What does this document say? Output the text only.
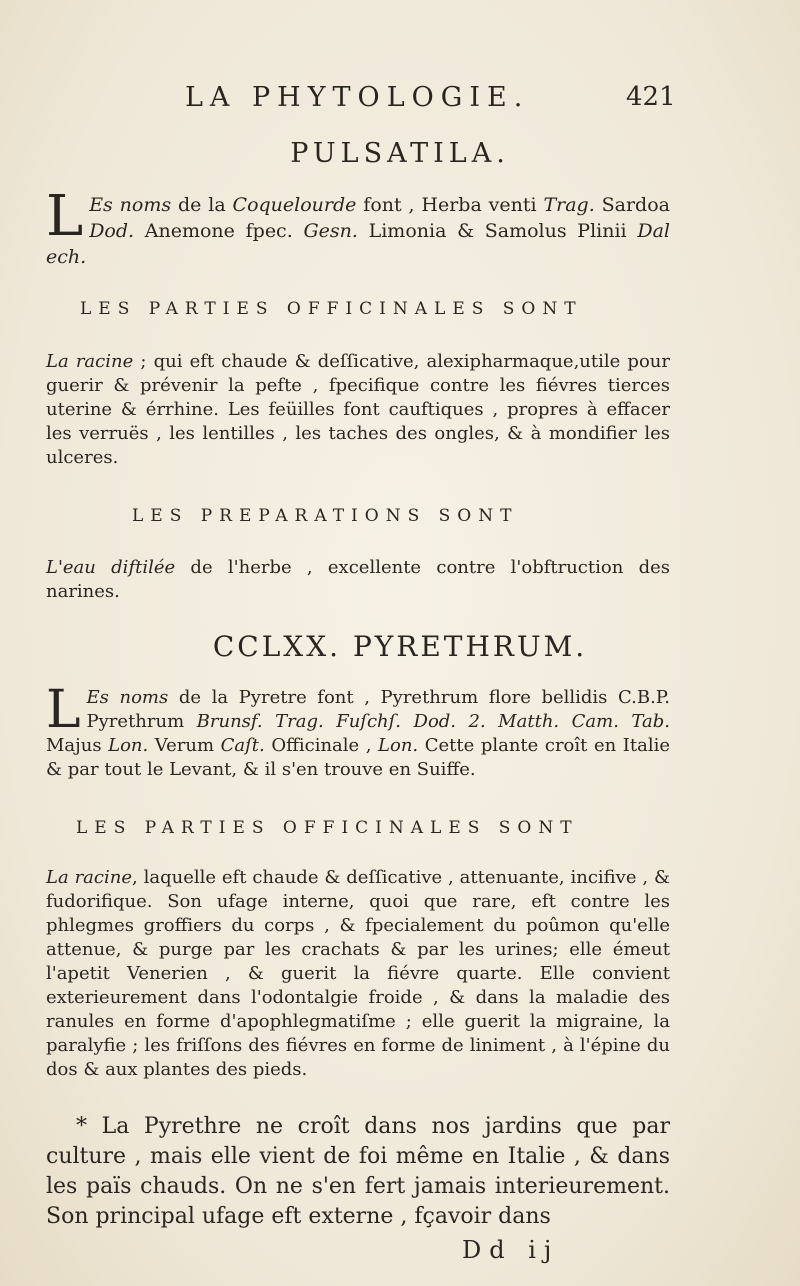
LA PHYTOLOGIE.	421
PULSATILA.
L Es noms de la Coquelourde font , Herba venti Trag. Sardoa Dod. Anemone fpec. Gesn. Limonia & Samolus Plinii Dal ech.
LES PARTIES OFFICINALES SONT
La racine ; qui eft chaude & deſſicative, alexipharmaque,utile pour guerir & prévenir la pefte , fpecifique contre les fiévres tierces uterine & érrhine. Les feüilles font cauftiques , propres à effacer les verruës , les lentilles , les taches des ongles, & à mondifier les ulceres.
LES PREPARATIONS SONT
L'eau diftilée de l'herbe , excellente contre l'obftruction des narines.
CCLXX. PYRETHRUM.
L Es noms de la Pyretre font , Pyrethrum flore bellidis C.B.P. Pyrethrum Brunsf. Trag. Fuſchſ. Dod. 2. Matth. Cam. Tab. Majus Lon. Verum Caſt. Officinale , Lon. Cette plante croît en Italie & par tout le Levant, & il s'en trouve en Suiffe.
LES PARTIES OFFICINALES SONT
La racine, laquelle eft chaude & deſſicative , attenuante, incifive , & fudorifique. Son ufage interne, quoi que rare, eft contre les phlegmes groffiers du corps , & fpecialement du poûmon qu'elle attenue, & purge par les crachats & par les urines; elle émeut l'apetit Venerien , & guerit la fiévre quarte. Elle convient exterieurement dans l'odontalgie froide , & dans la maladie des ranules en forme d'apophlegmatiſme ; elle guerit la migraine, la paralyfie ; les friſſons des fiévres en forme de liniment , à l'épine du dos & aux plantes des pieds.
* La Pyrethre ne croît dans nos jardins que par culture , mais elle vient de foi même en Italie , & dans les païs chauds. On ne s'en fert jamais interieurement. Son principal ufage eft externe , fçavoir dans
Dd ij
